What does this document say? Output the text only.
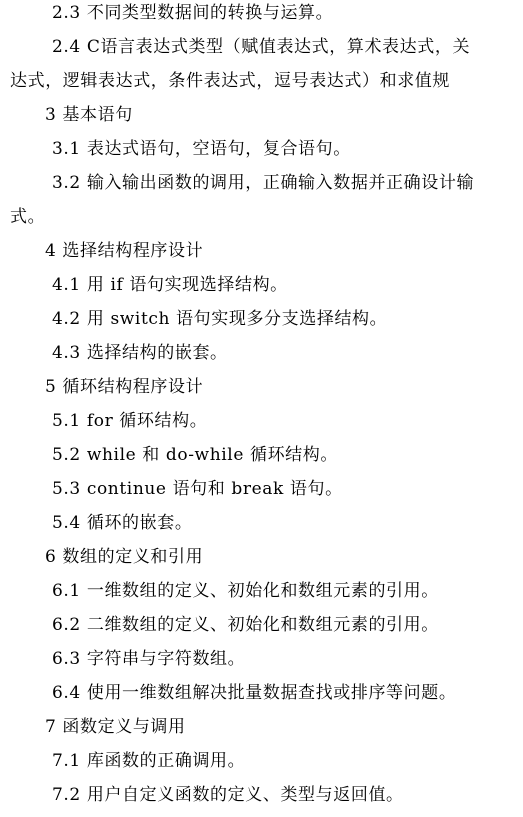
2.3 不同类型数据间的转换与运算。
2.4 C语言表达式类型（赋值表达式，算术表达式，关
达式，逻辑表达式，条件表达式，逗号表达式）和求值规
3 基本语句
3.1 表达式语句，空语句，复合语句。
3.2 输入输出函数的调用，正确输入数据并正确设计输
式。
4 选择结构程序设计
4.1 用 if 语句实现选择结构。
4.2 用 switch 语句实现多分支选择结构。
4.3 选择结构的嵌套。
5 循环结构程序设计
5.1 for 循环结构。
5.2 while 和 do-while 循环结构。
5.3 continue 语句和 break 语句。
5.4 循环的嵌套。
6 数组的定义和引用
6.1 一维数组的定义、初始化和数组元素的引用。
6.2 二维数组的定义、初始化和数组元素的引用。
6.3 字符串与字符数组。
6.4 使用一维数组解决批量数据查找或排序等问题。
7 函数定义与调用
7.1 库函数的正确调用。
7.2 用户自定义函数的定义、类型与返回值。
